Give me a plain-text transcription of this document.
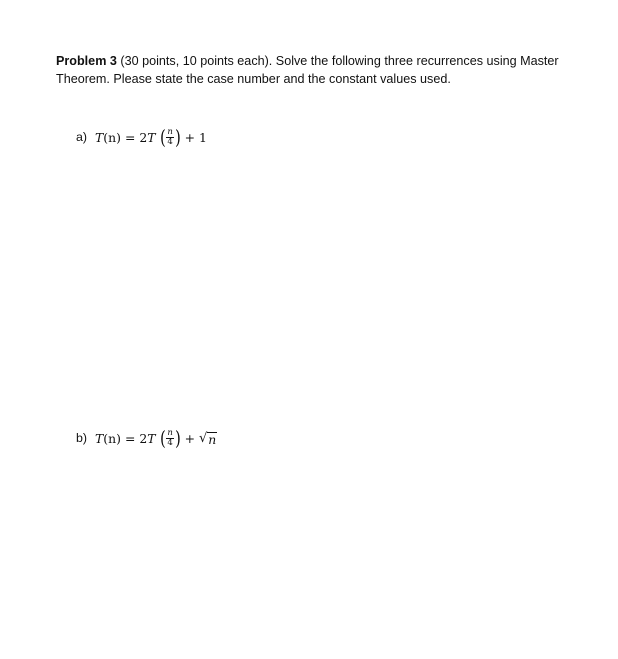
Problem 3 (30 points, 10 points each). Solve the following three recurrences using Master Theorem. Please state the case number and the constant values used.
a) T (n) = 2 T ( $\frac{n}{4}$ ) + 1
b) T (n) = 2 T ( $\frac{n}{4}$ ) + √ n
